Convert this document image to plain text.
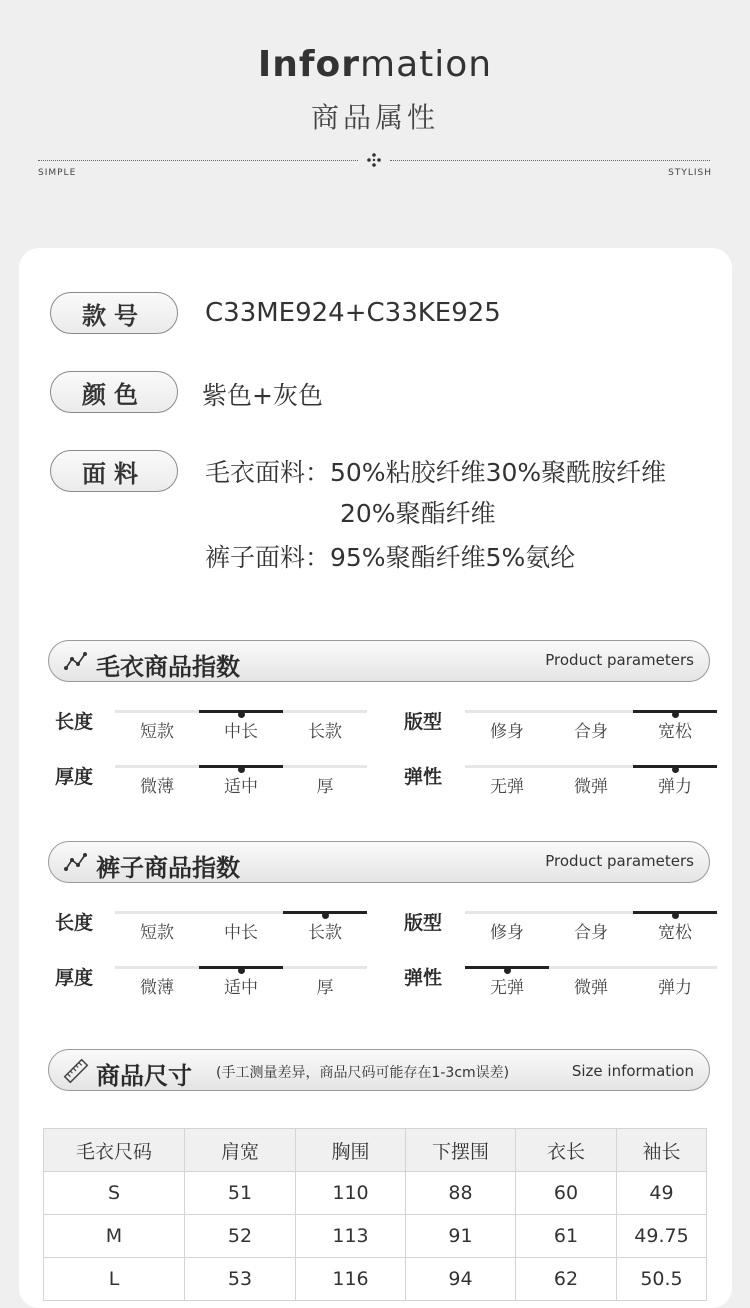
Information
商品属性
SIMPLE	STYLISH
款号	C33ME924+C33KE925
颜色	紫色+灰色
面料	毛衣面料：50%粘胶纤维30%聚酰胺纤维
20%聚酯纤维
裤子面料：95%聚酯纤维5%氨纶
毛衣商品指数	Product parameters
长度	短款	中长	长款	版型	修身	合身	宽松
厚度	微薄	适中	厚	弹性	无弹	微弹	弹力
裤子商品指数	Product parameters
长度	短款	中长	长款	版型	修身	合身	宽松
厚度	微薄	适中	厚	弹性	无弹	微弹	弹力
商品尺寸 (手工测量差异，商品尺码可能存在1-3cm误差)	Size information
毛衣尺码	肩宽	胸围	下摆围	衣长	袖长
S	51	110	88	60	49
M	52	113	91	61	49.75
L	53	116	94	62	50.5
